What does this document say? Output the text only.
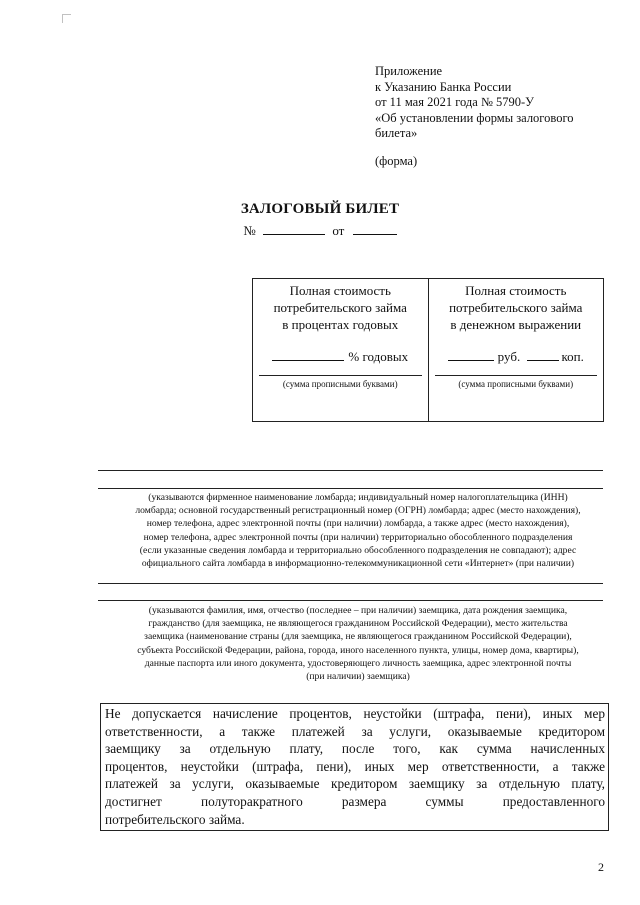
Приложение
к Указанию Банка России
от 11 мая 2021 года № 5790-У
«Об установлении формы залогового
билета»
(форма)
ЗАЛОГОВЫЙ БИЛЕТ
№	от
Полная стоимость
потребительского займа
в процентах годовых
% годовых
(сумма прописными буквами)
Полная стоимость
потребительского займа
в денежном выражении
руб.	коп.
(сумма прописными буквами)
(указываются фирменное наименование ломбарда; индивидуальный номер налогоплательщика (ИНН)
ломбарда; основной государственный регистрационный номер (ОГРН) ломбарда; адрес (место нахождения),
номер телефона, адрес электронной почты (при наличии) ломбарда, а также адрес (место нахождения),
номер телефона, адрес электронной почты (при наличии) территориально обособленного подразделения
(если указанные сведения ломбарда и территориально обособленного подразделения не совпадают); адрес
официального сайта ломбарда в информационно-телекоммуникационной сети «Интернет» (при наличии)
(указываются фамилия, имя, отчество (последнее – при наличии) заемщика, дата рождения заемщика,
гражданство (для заемщика, не являющегося гражданином Российской Федерации), место жительства
заемщика (наименование страны (для заемщика, не являющегося гражданином Российской Федерации),
субъекта Российской Федерации, района, города, иного населенного пункта, улицы, номер дома, квартиры),
данные паспорта или иного документа, удостоверяющего личность заемщика, адрес электронной почты
(при наличии) заемщика)
Не допускается начисление процентов, неустойки (штрафа, пени), иных мер
ответственности, а также платежей за услуги, оказываемые кредитором
заемщику за отдельную плату, после того, как сумма начисленных
процентов, неустойки (штрафа, пени), иных мер ответственности, а также
платежей за услуги, оказываемые кредитором заемщику за отдельную плату,
достигнет полуторакратного размера суммы предоставленного
потребительского займа.
2
